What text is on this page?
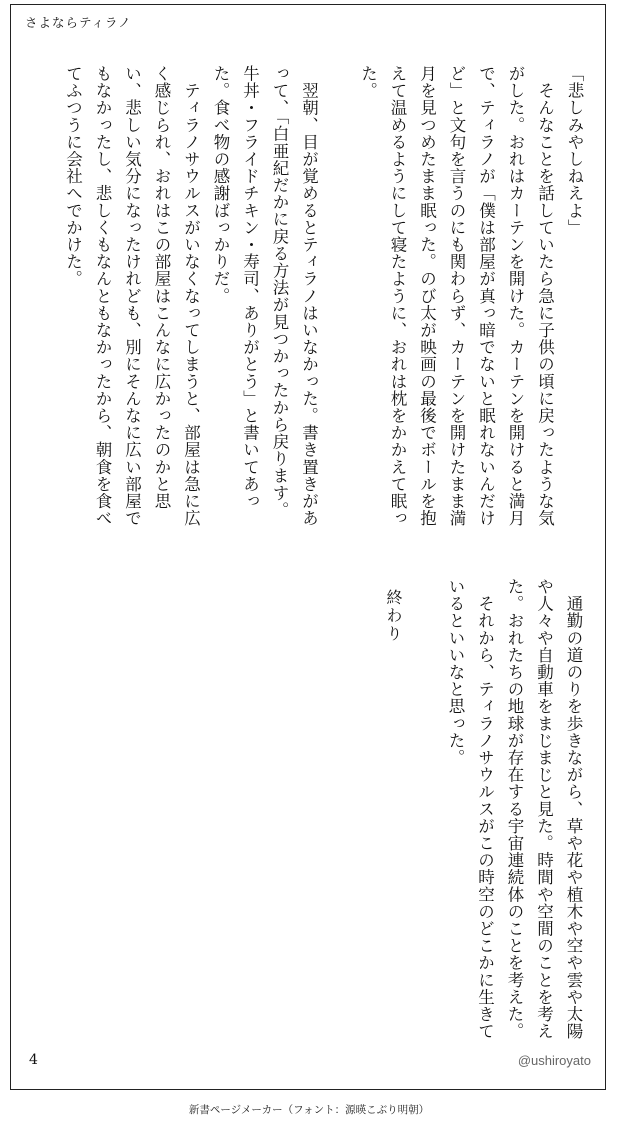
さよならティラノ
「悲しみやしねえよ」
　そんなことを話していたら急に子供の頃に戻ったような気がした。おれはカーテンを開けた。カーテンを開けると満月で、ティラノが「僕は部屋が真っ暗でないと眠れないんだけど」と文句を言うのにも関わらず、カーテンを開けたまま満月を見つめたまま眠った。のび太が映画の最後でボールを抱えて温めるようにして寝たように、おれは枕をかかえて眠った。

　翌朝、目が覚めるとティラノはいなかった。書き置きがあって、「白亜紀だかに戻る方法が見つかったから戻ります。牛丼・フライドチキン・寿司、ありがとう」と書いてあった。食べ物の感謝ばっかりだ。
　ティラノサウルスがいなくなってしまうと、部屋は急に広く感じられ、おれはこの部屋はこんなに広かったのかと思い、悲しい気分になったけれども、別にそんなに広い部屋でもなかったし、悲しくもなんともなかったから、朝食を食べてふつうに会社へでかけた。
　通勤の道のりを歩きながら、草や花や植木や空や雲や太陽や人々や自動車をまじまじと見た。時間や空間のことを考えた。おれたちの地球が存在する宇宙連続体のことを考えた。
　それから、ティラノサウルスがこの時空のどこかに生きているといいなと思った。
終わり
4	@ushiroyato
新書ページメーカー（フォント：源暎こぶり明朝）
